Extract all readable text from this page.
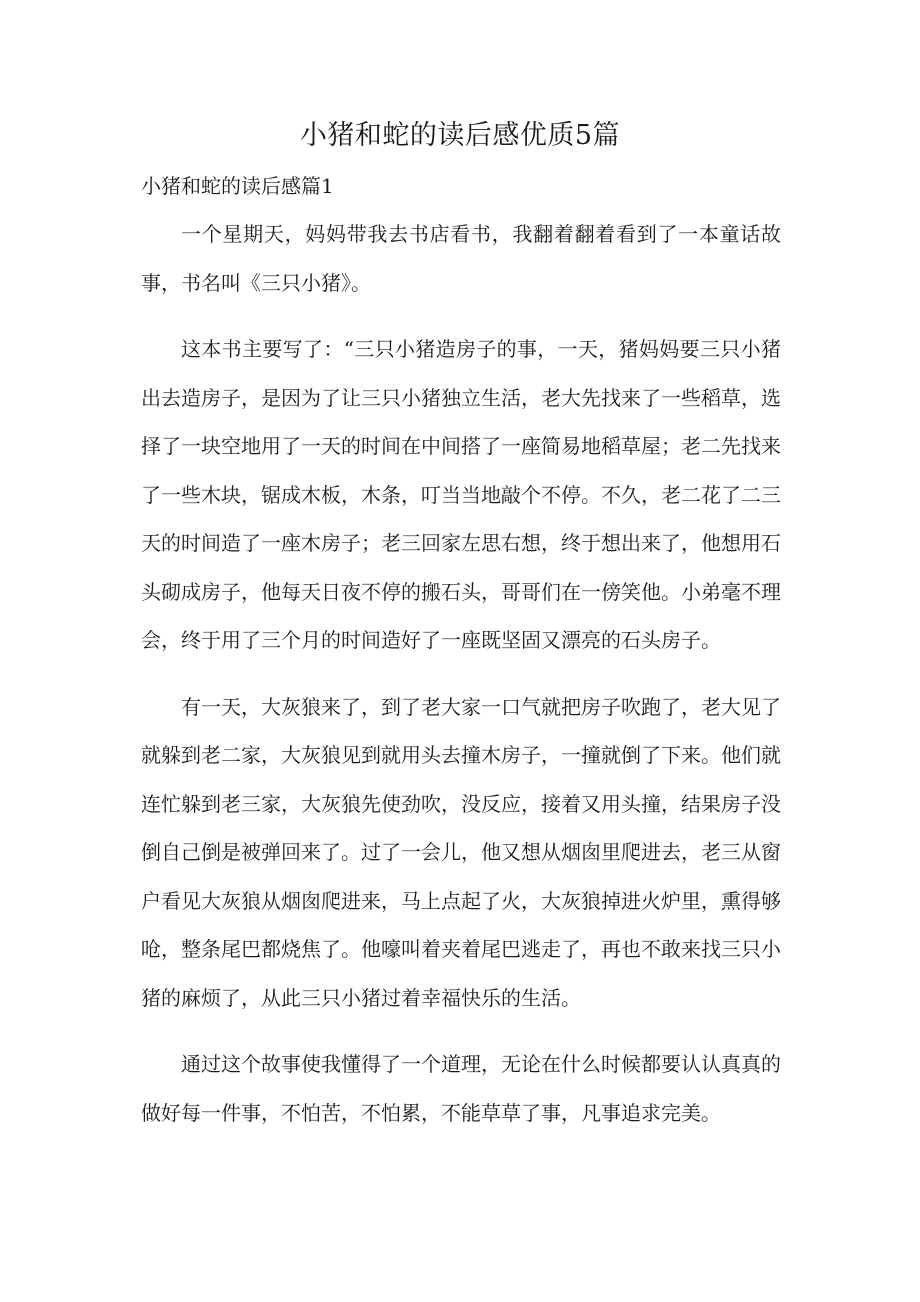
小猪和蛇的读后感优质5篇
小猪和蛇的读后感篇1

一个星期天，妈妈带我去书店看书，我翻着翻着看到了一本童话故事，书名叫《三只小猪》。

这本书主要写了：“三只小猪造房子的事，一天，猪妈妈要三只小猪出去造房子，是因为了让三只小猪独立生活，老大先找来了一些稻草，选择了一块空地用了一天的时间在中间搭了一座简易地稻草屋；老二先找来了一些木块，锯成木板，木条，叮当当地敲个不停。不久，老二花了二三天的时间造了一座木房子；老三回家左思右想，终于想出来了，他想用石头砌成房子，他每天日夜不停的搬石头，哥哥们在一傍笑他。小弟毫不理会，终于用了三个月的时间造好了一座既坚固又漂亮的石头房子。

有一天，大灰狼来了，到了老大家一口气就把房子吹跑了，老大见了就躲到老二家，大灰狼见到就用头去撞木房子，一撞就倒了下来。他们就连忙躲到老三家，大灰狼先使劲吹，没反应，接着又用头撞，结果房子没倒自己倒是被弹回来了。过了一会儿，他又想从烟囱里爬进去，老三从窗户看见大灰狼从烟囱爬进来，马上点起了火，大灰狼掉进火炉里，熏得够呛，整条尾巴都烧焦了。他嚎叫着夹着尾巴逃走了，再也不敢来找三只小猪的麻烦了，从此三只小猪过着幸福快乐的生活。

通过这个故事使我懂得了一个道理，无论在什么时候都要认认真真的做好每一件事，不怕苦，不怕累，不能草草了事，凡事追求完美。
